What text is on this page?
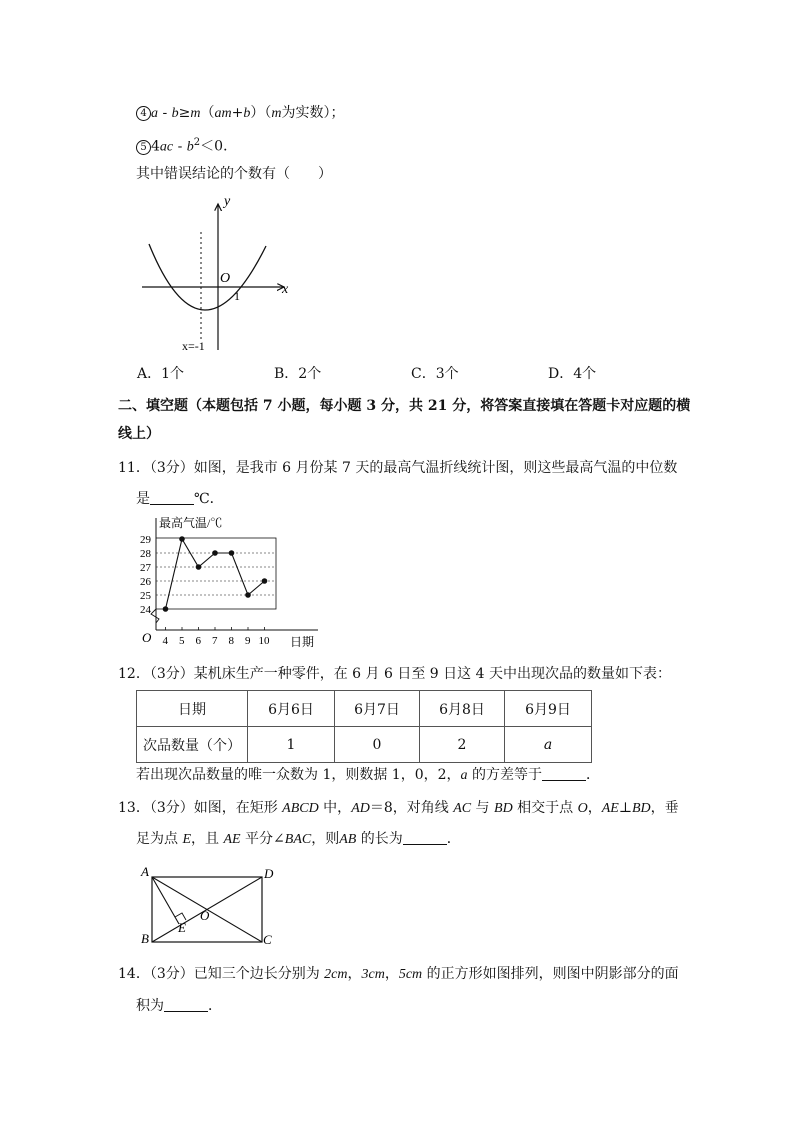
4 a - b≥m（am+b）（m为实数）；
5 $4ac - b^2<0$．
其中错误结论的个数有（　　）
y
x
O
1
x=-1
A．1个	B．2个	C．3个	D．4个
二、填空题（本题包括 7 小题，每小题 3 分，共 21 分，将答案直接填在答题卡对应题的横
线上）
11．（3分）如图，是我市 6 月份某 7 天的最高气温折线统计图，则这些最高气温的中位数
是	℃．
最高气温/℃
日期
O 4 5 6 7 8 9 10
24
25
26
27
28
29
12．（3分）某机床生产一种零件，在 6 月 6 日至 9 日这 4 天中出现次品的数量如下表：
日期	6月6日	6月7日	6月8日	6月9日
次品数量（个）	1	0	2	a
若出现次品数量的唯一众数为 1，则数据 1，0，2，a 的方差等于	．
13．（3分）如图，在矩形 ABCD 中，AD＝8，对角线 AC 与 BD 相交于点 O，AE⊥BD，垂
足为点 E，且 AE 平分∠BAC，则AB 的长为	．
A
B	C
D
O
E
14．（3分）已知三个边长分别为 2cm，3cm，5cm 的正方形如图排列，则图中阴影部分的面
积为	．
